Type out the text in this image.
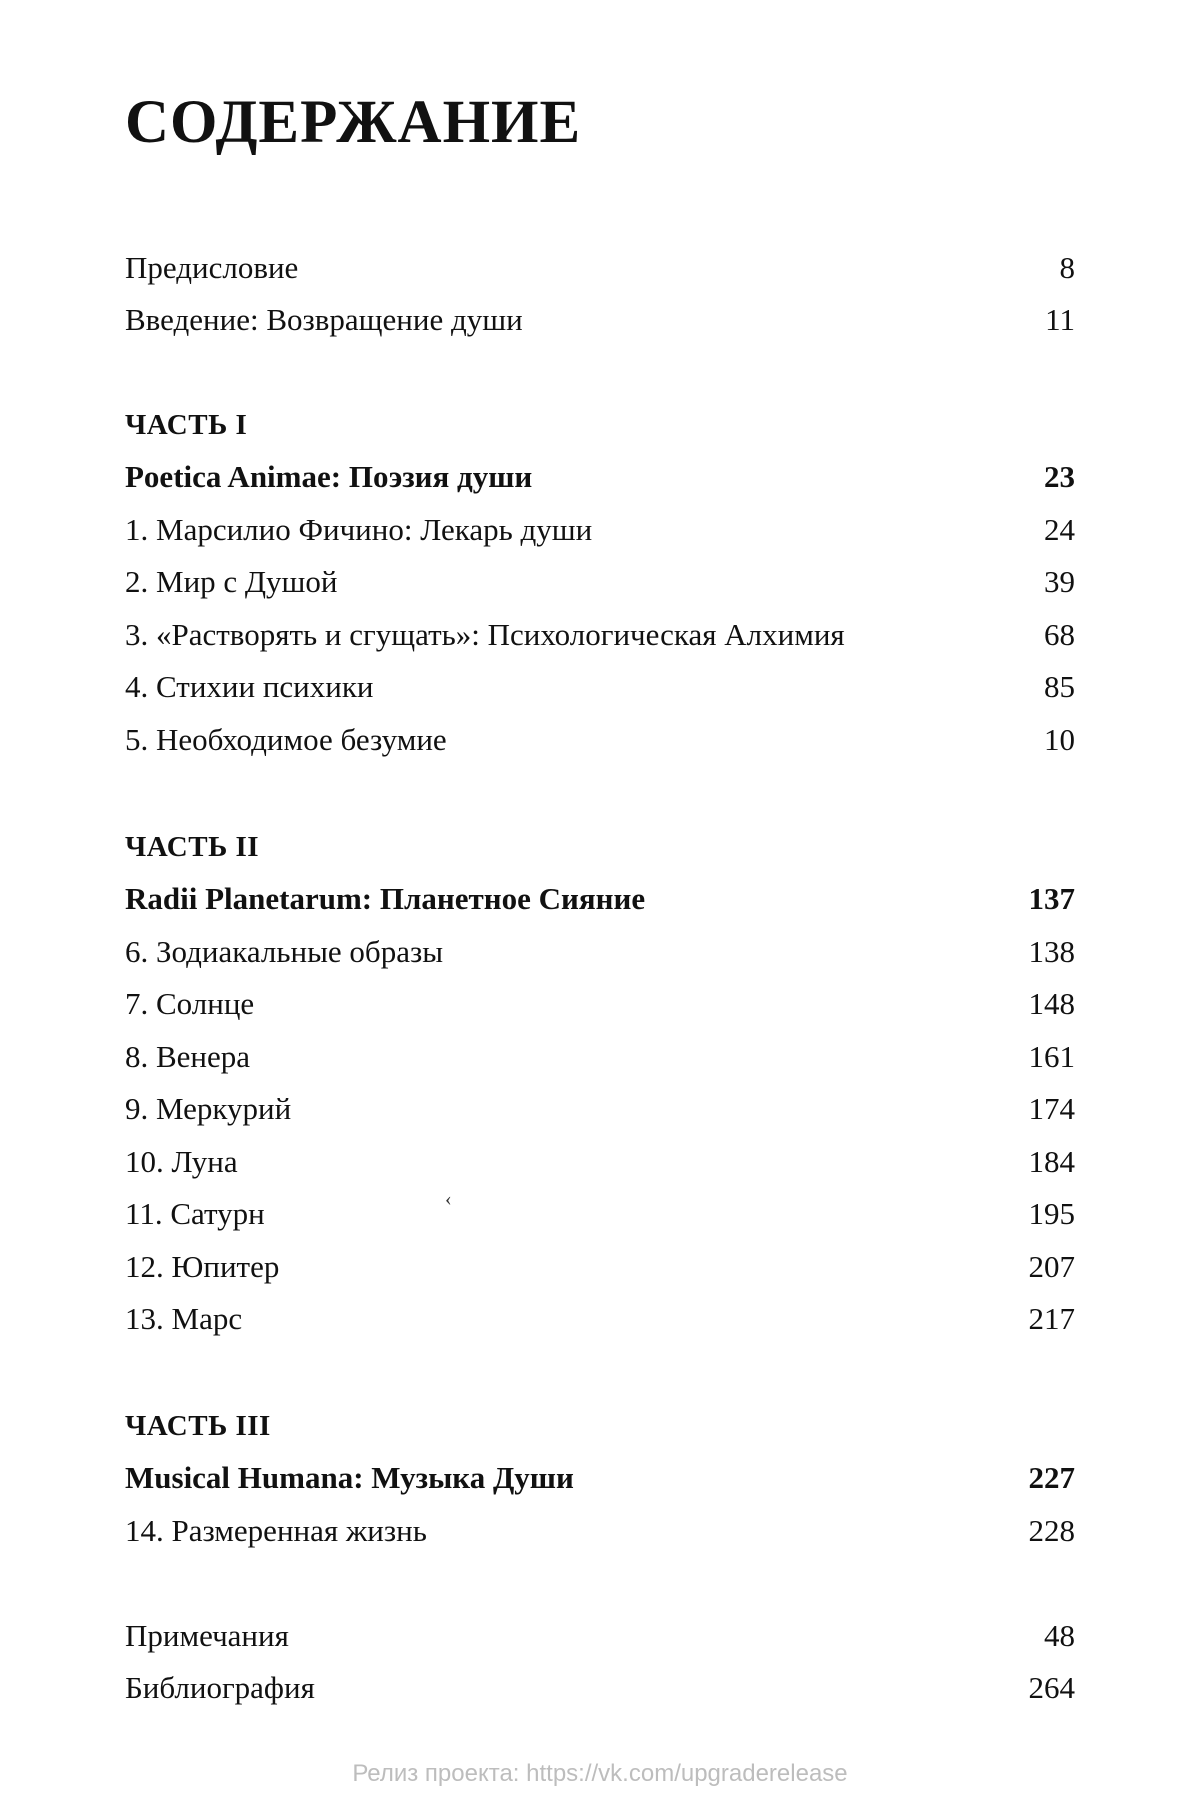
СОДЕРЖАНИЕ
Предисловие	8
Введение: Возвращение души	11
ЧАСТЬ I
Poetica Animae: Поэзия души	23
1. Марсилио Фичино: Лекарь души	24
2. Мир с Душой	39
3. «Растворять и сгущать»: Психологическая Алхимия	68
4. Стихии психики	85
5. Необходимое безумие	10
ЧАСТЬ II
Radii Planetarum: Планетное Сияние	137
6. Зодиакальные образы	138
7. Солнце	148
8. Венера	161
9. Меркурий	174
10. Луна	184
11. Сатурн	195
12. Юпитер	207
13. Марс	217
ЧАСТЬ III
Musical Humana: Музыка Души	227
14. Размеренная жизнь	228
Примечания	48
Библиография	264
‹
Релиз проекта: https://vk.com/upgraderelease
